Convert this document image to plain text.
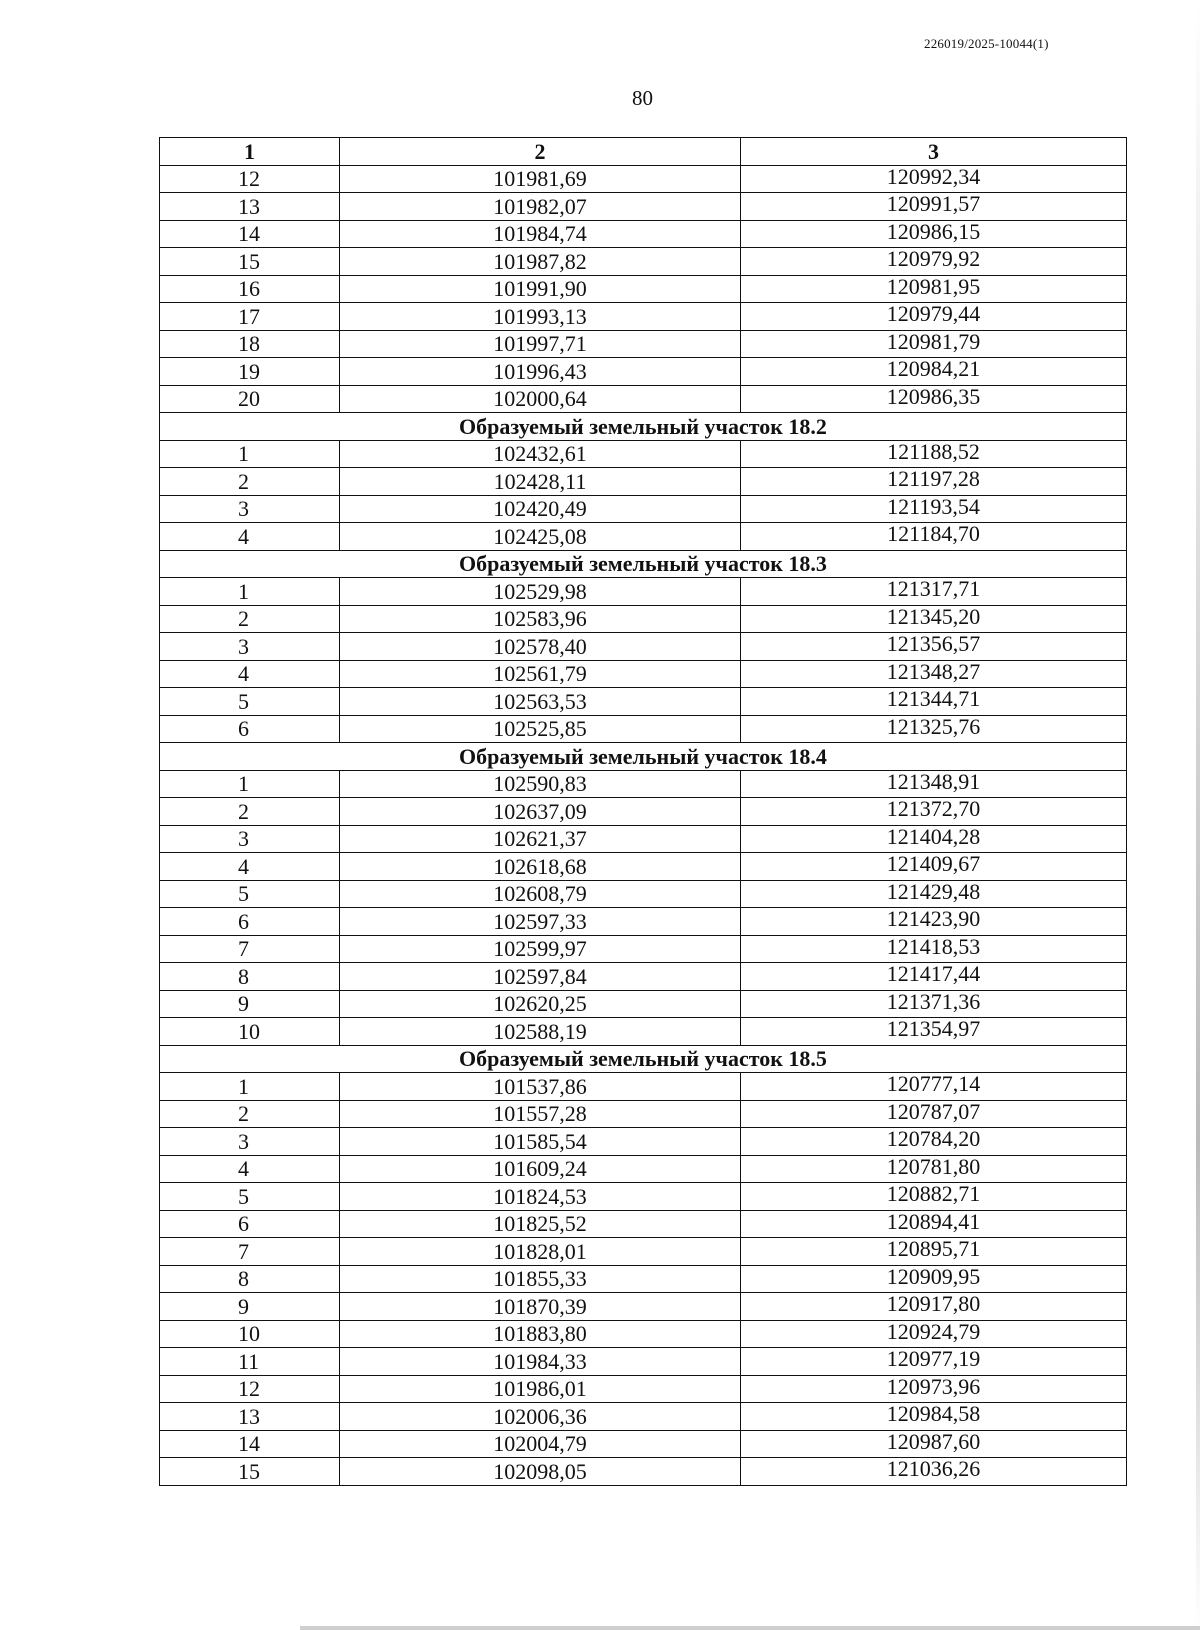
226019/2025-10044(1)
80
1	2	3
12	101981,69	120992,34
13	101982,07	120991,57
14	101984,74	120986,15
15	101987,82	120979,92
16	101991,90	120981,95
17	101993,13	120979,44
18	101997,71	120981,79
19	101996,43	120984,21
20	102000,64	120986,35
Образуемый земельный участок 18.2		
1	102432,61	121188,52
2	102428,11	121197,28
3	102420,49	121193,54
4	102425,08	121184,70
Образуемый земельный участок 18.3		
1	102529,98	121317,71
2	102583,96	121345,20
3	102578,40	121356,57
4	102561,79	121348,27
5	102563,53	121344,71
6	102525,85	121325,76
Образуемый земельный участок 18.4		
1	102590,83	121348,91
2	102637,09	121372,70
3	102621,37	121404,28
4	102618,68	121409,67
5	102608,79	121429,48
6	102597,33	121423,90
7	102599,97	121418,53
8	102597,84	121417,44
9	102620,25	121371,36
10	102588,19	121354,97
Образуемый земельный участок 18.5		
1	101537,86	120777,14
2	101557,28	120787,07
3	101585,54	120784,20
4	101609,24	120781,80
5	101824,53	120882,71
6	101825,52	120894,41
7	101828,01	120895,71
8	101855,33	120909,95
9	101870,39	120917,80
10	101883,80	120924,79
11	101984,33	120977,19
12	101986,01	120973,96
13	102006,36	120984,58
14	102004,79	120987,60
15	102098,05	121036,26
